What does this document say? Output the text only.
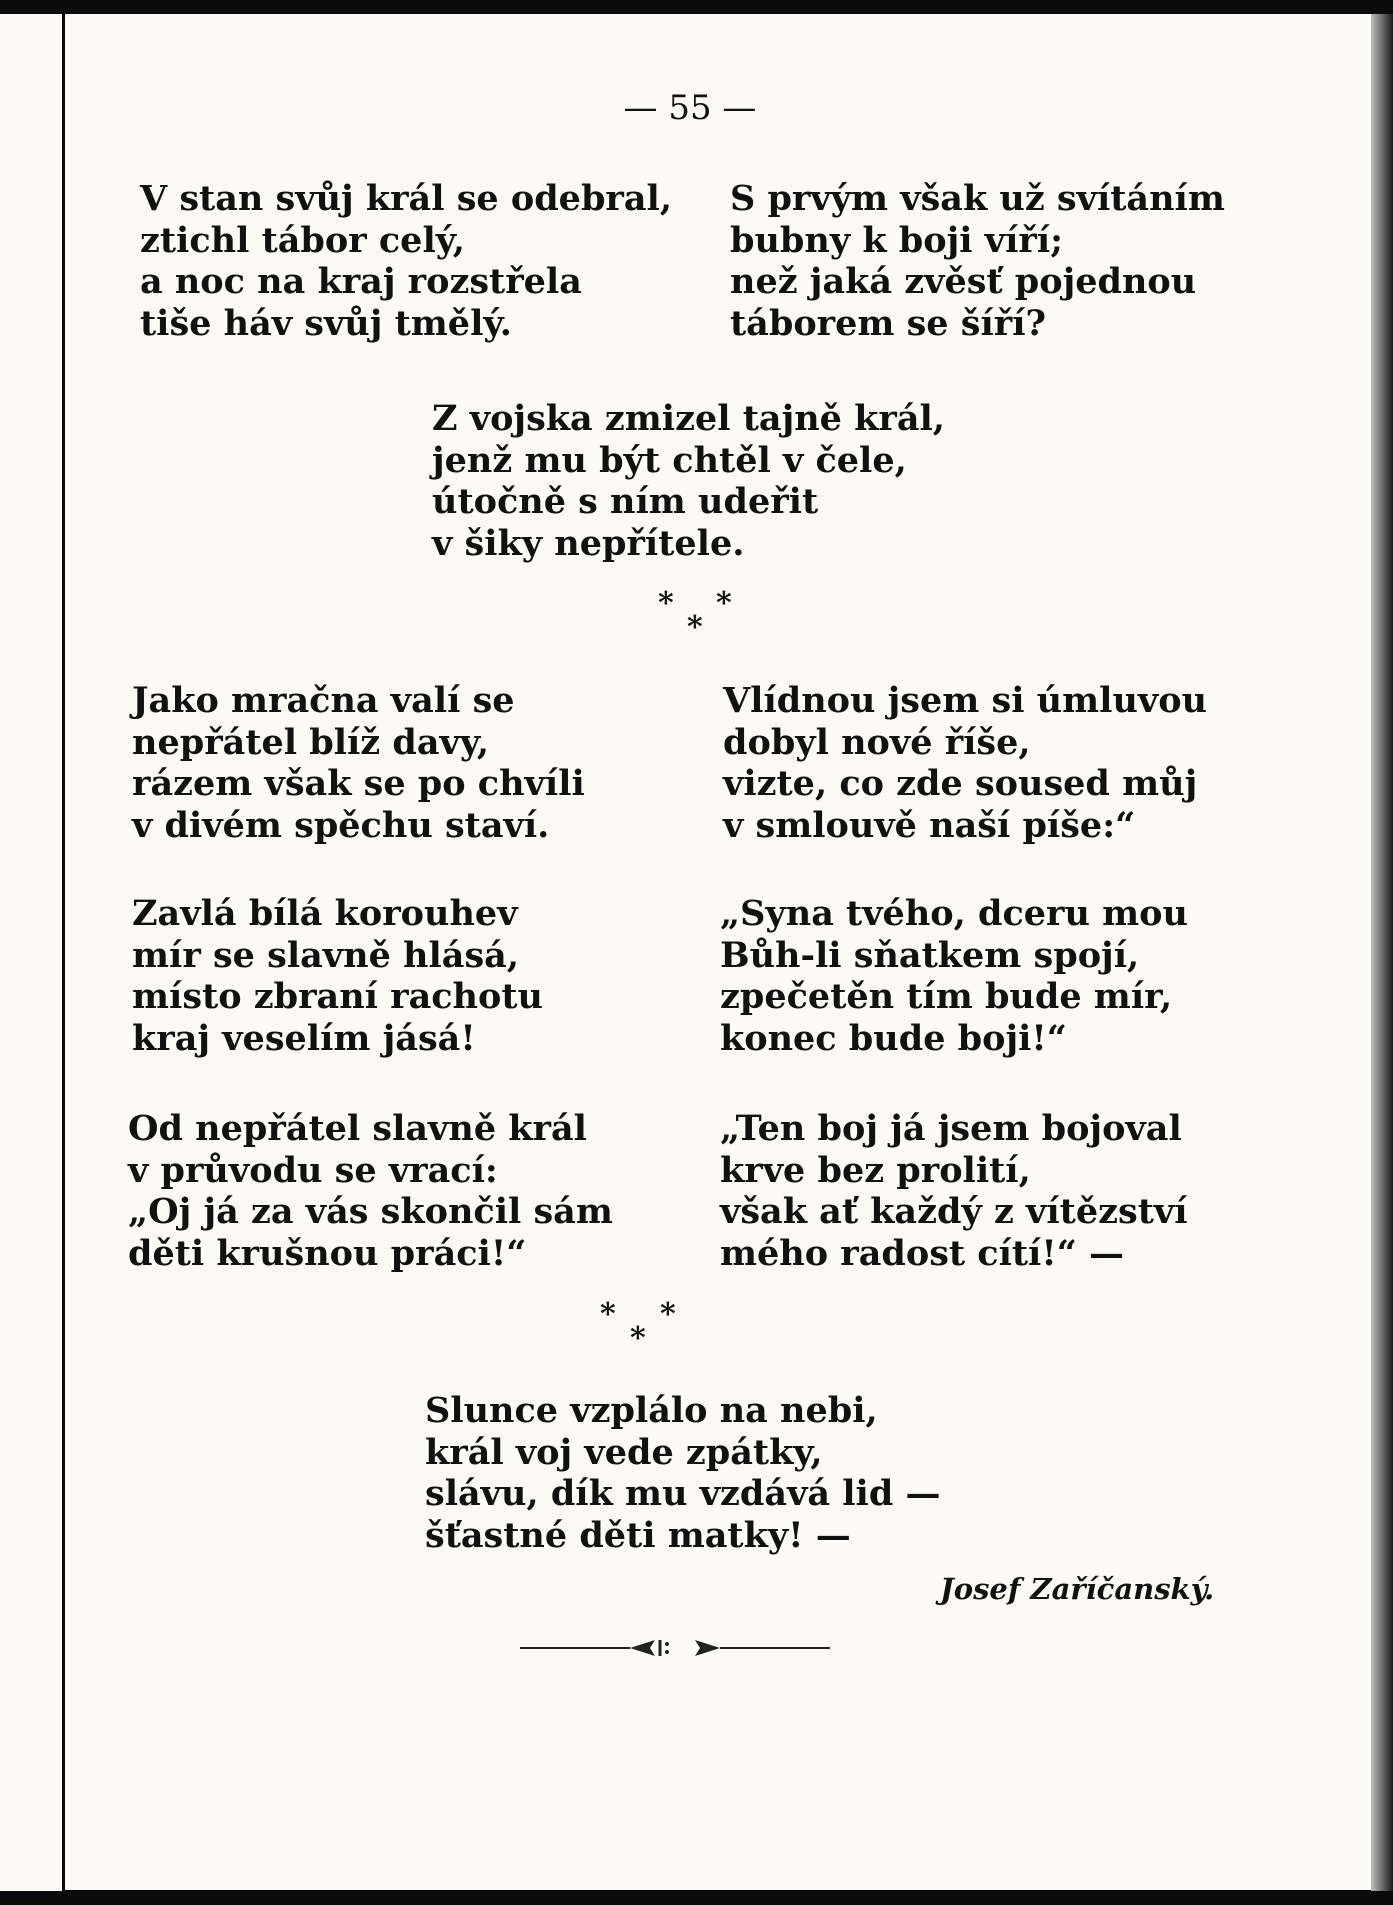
— 55 —
V stan svůj král se odebral,
ztichl tábor celý,
a noc na kraj rozstřela
tiše háv svůj tmělý.
S prvým však už svítáním
bubny k boji víří;
než jaká zvěsť pojednou
táborem se šíří?
Z vojska zmizel tajně král,
jenž mu být chtěl v čele,
útočně s ním udeřit
v šiky nepřítele.
* *
*
Jako mračna valí se
nepřátel blíž davy,
rázem však se po chvíli
v divém spěchu staví.
Vlídnou jsem si úmluvou
dobyl nové říše,
vizte, co zde soused můj
v smlouvě naší píše:“
Zavlá bílá korouhev
mír se slavně hlásá,
místo zbraní rachotu
kraj veselím jásá!
„Syna tvého, dceru mou
Bůh-li sňatkem spojí,
zpečetěn tím bude mír,
konec bude boji!“
Od nepřátel slavně král
v průvodu se vrací:
„Oj já za vás skončil sám
děti krušnou práci!“
„Ten boj já jsem bojoval
krve bez prolití,
však ať každý z vítězství
mého radost cítí!“ —
* *
*
Slunce vzplálo na nebi,
král voj vede zpátky,
slávu, dík mu vzdává lid —
šťastné děti matky! —
Josef Zaříčanský.
